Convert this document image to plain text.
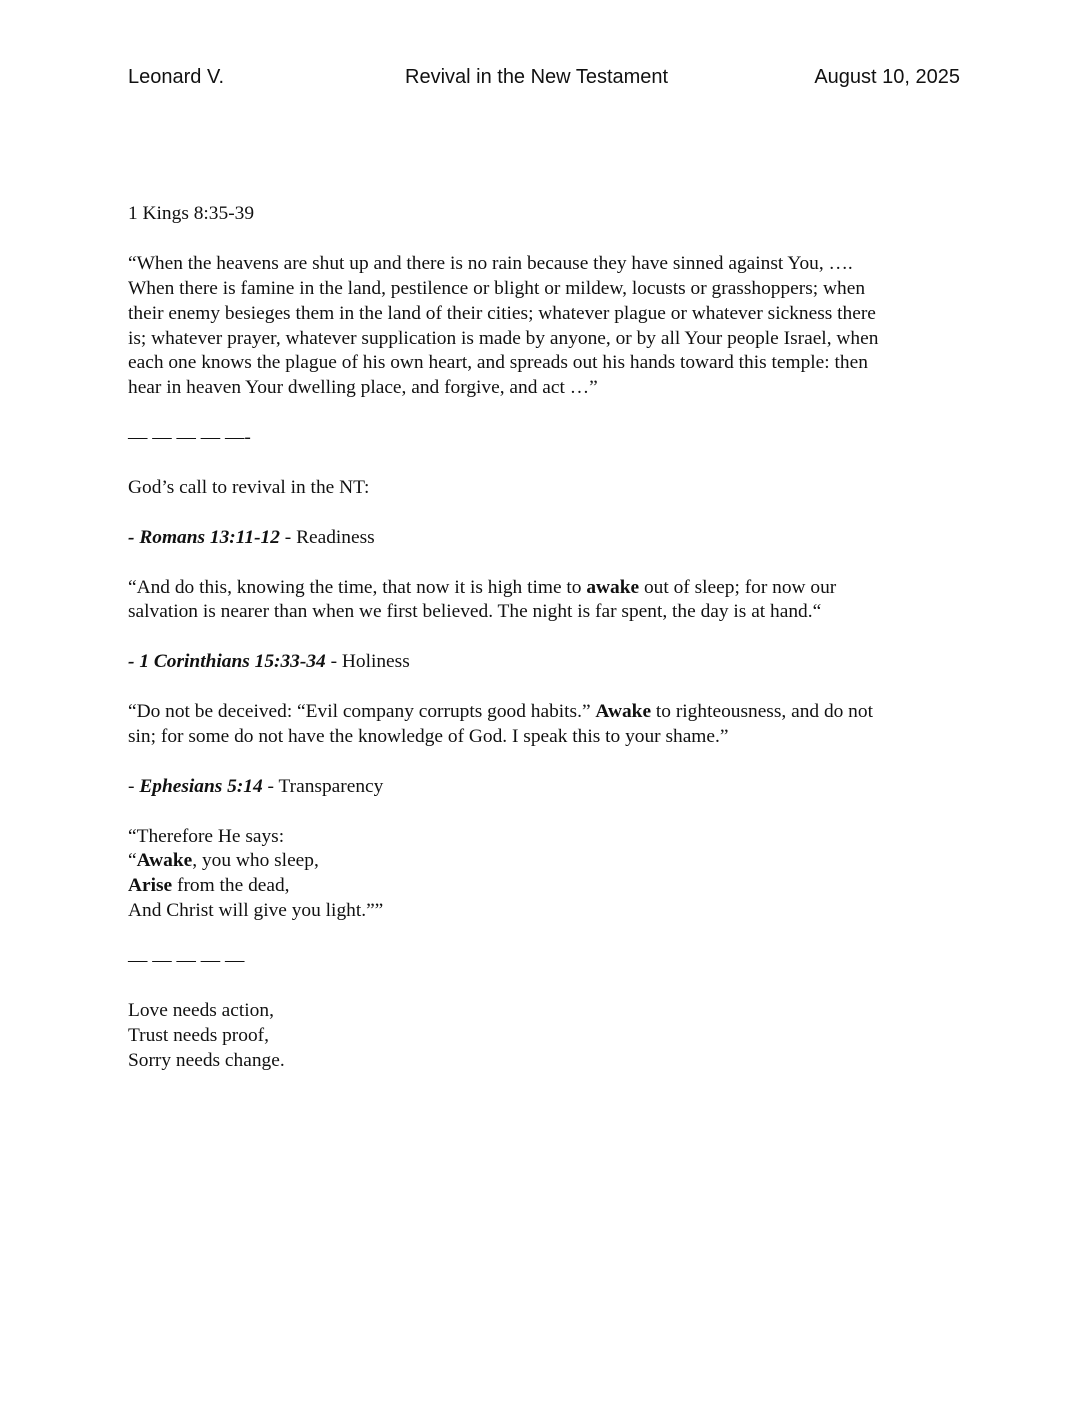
Leonard V.	Revival in the New Testament	August 10, 2025

1 Kings 8:35-39

“When the heavens are shut up and there is no rain because they have sinned against You, ….
When there is famine in the land, pestilence or blight or mildew, locusts or grasshoppers; when
their enemy besieges them in the land of their cities; whatever plague or whatever sickness there
is; whatever prayer, whatever supplication is made by anyone, or by all Your people Israel, when
each one knows the plague of his own heart, and spreads out his hands toward this temple: then
hear in heaven Your dwelling place, and forgive, and act …”

— — — — —-

God’s call to revival in the NT:

- Romans 13:11-12 - Readiness

“And do this, knowing the time, that now it is high time to awake out of sleep; for now our
salvation is nearer than when we first believed. The night is far spent, the day is at hand.“

- 1 Corinthians 15:33-34 - Holiness

“Do not be deceived: “Evil company corrupts good habits.” Awake to righteousness, and do not
sin; for some do not have the knowledge of God. I speak this to your shame.”

- Ephesians 5:14 - Transparency

“Therefore He says:
“Awake, you who sleep,
Arise from the dead,
And Christ will give you light.””

— — — — —

Love needs action,
Trust needs proof,
Sorry needs change.
